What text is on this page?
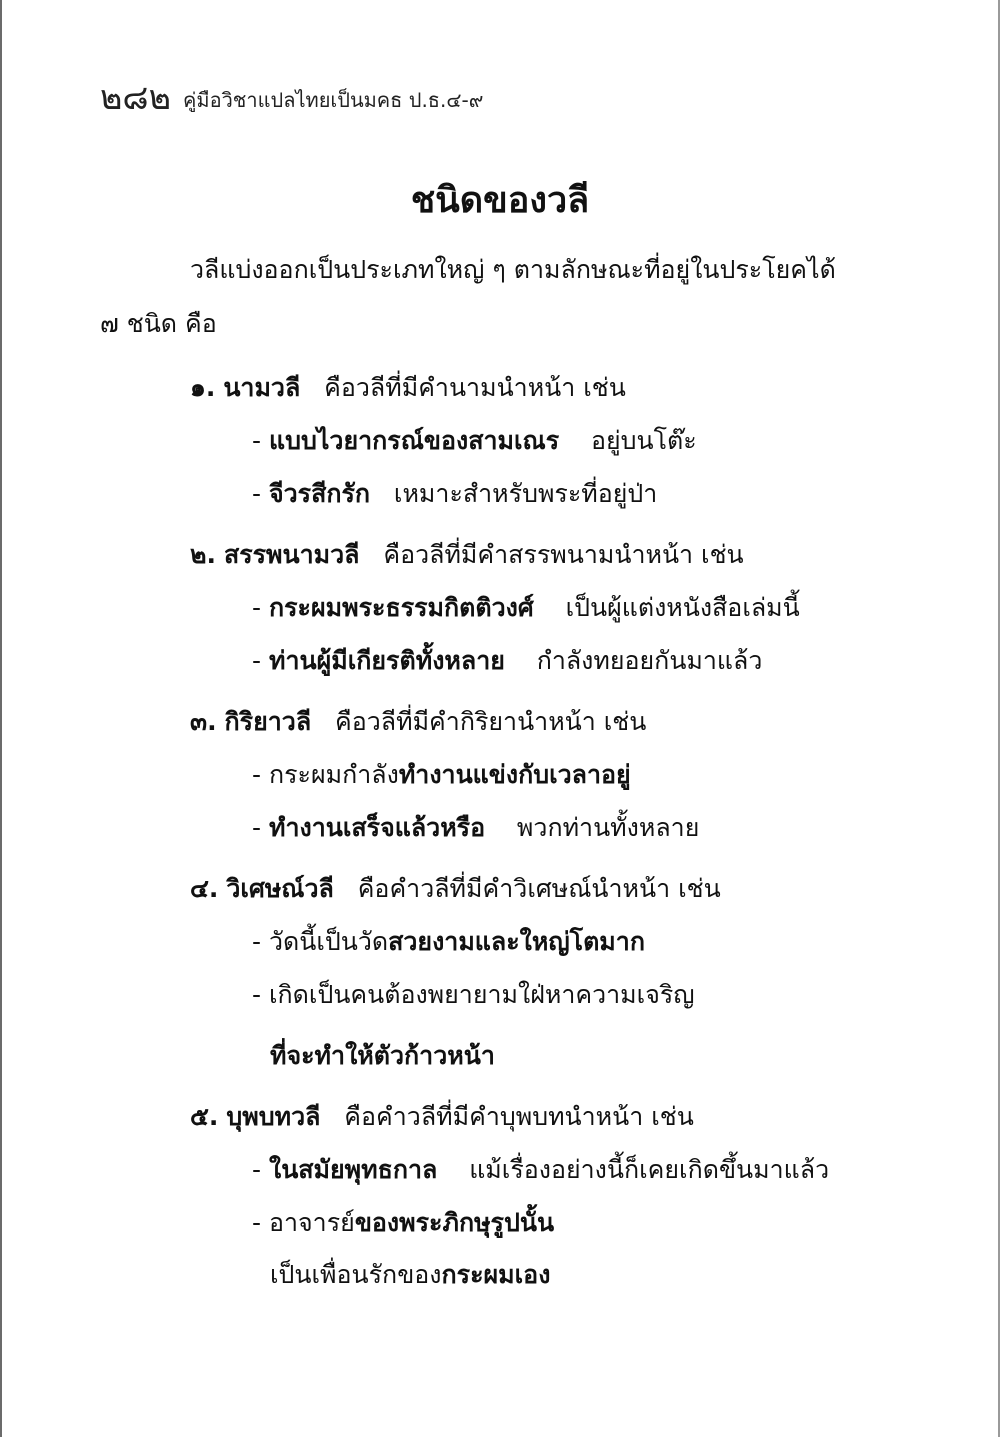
๒๘๒ คู่มือวิชาแปลไทยเป็นมคธ ป.ธ.๔-๙
ชนิดของวลี
วลีแบ่งออกเป็นประเภทใหญ่ ๆ ตามลักษณะที่อยู่ในประโยคได้
๗ ชนิด คือ
๑. นามวลี คือวลีที่มีคำนามนำหน้า เช่น
- แบบไวยากรณ์ของสามเณร อยู่บนโต๊ะ
- จีวรสีกรัก เหมาะสำหรับพระที่อยู่ป่า
๒. สรรพนามวลี คือวลีที่มีคำสรรพนามนำหน้า เช่น
- กระผมพระธรรมกิตติวงศ์ เป็นผู้แต่งหนังสือเล่มนี้
- ท่านผู้มีเกียรติทั้งหลาย กำลังทยอยกันมาแล้ว
๓. กิริยาวลี คือวลีที่มีคำกิริยานำหน้า เช่น
- กระผมกำลังทำงานแข่งกับเวลาอยู่
- ทำงานเสร็จแล้วหรือ พวกท่านทั้งหลาย
๔. วิเศษณ์วลี คือคำวลีที่มีคำวิเศษณ์นำหน้า เช่น
- วัดนี้เป็นวัดสวยงามและใหญ่โตมาก
- เกิดเป็นคนต้องพยายามใฝ่หาความเจริญ
ที่จะทำให้ตัวก้าวหน้า
๕. บุพบทวลี คือคำวลีที่มีคำบุพบทนำหน้า เช่น
- ในสมัยพุทธกาล แม้เรื่องอย่างนี้ก็เคยเกิดขึ้นมาแล้ว
- อาจารย์ของพระภิกษุรูปนั้น
เป็นเพื่อนรักของกระผมเอง
